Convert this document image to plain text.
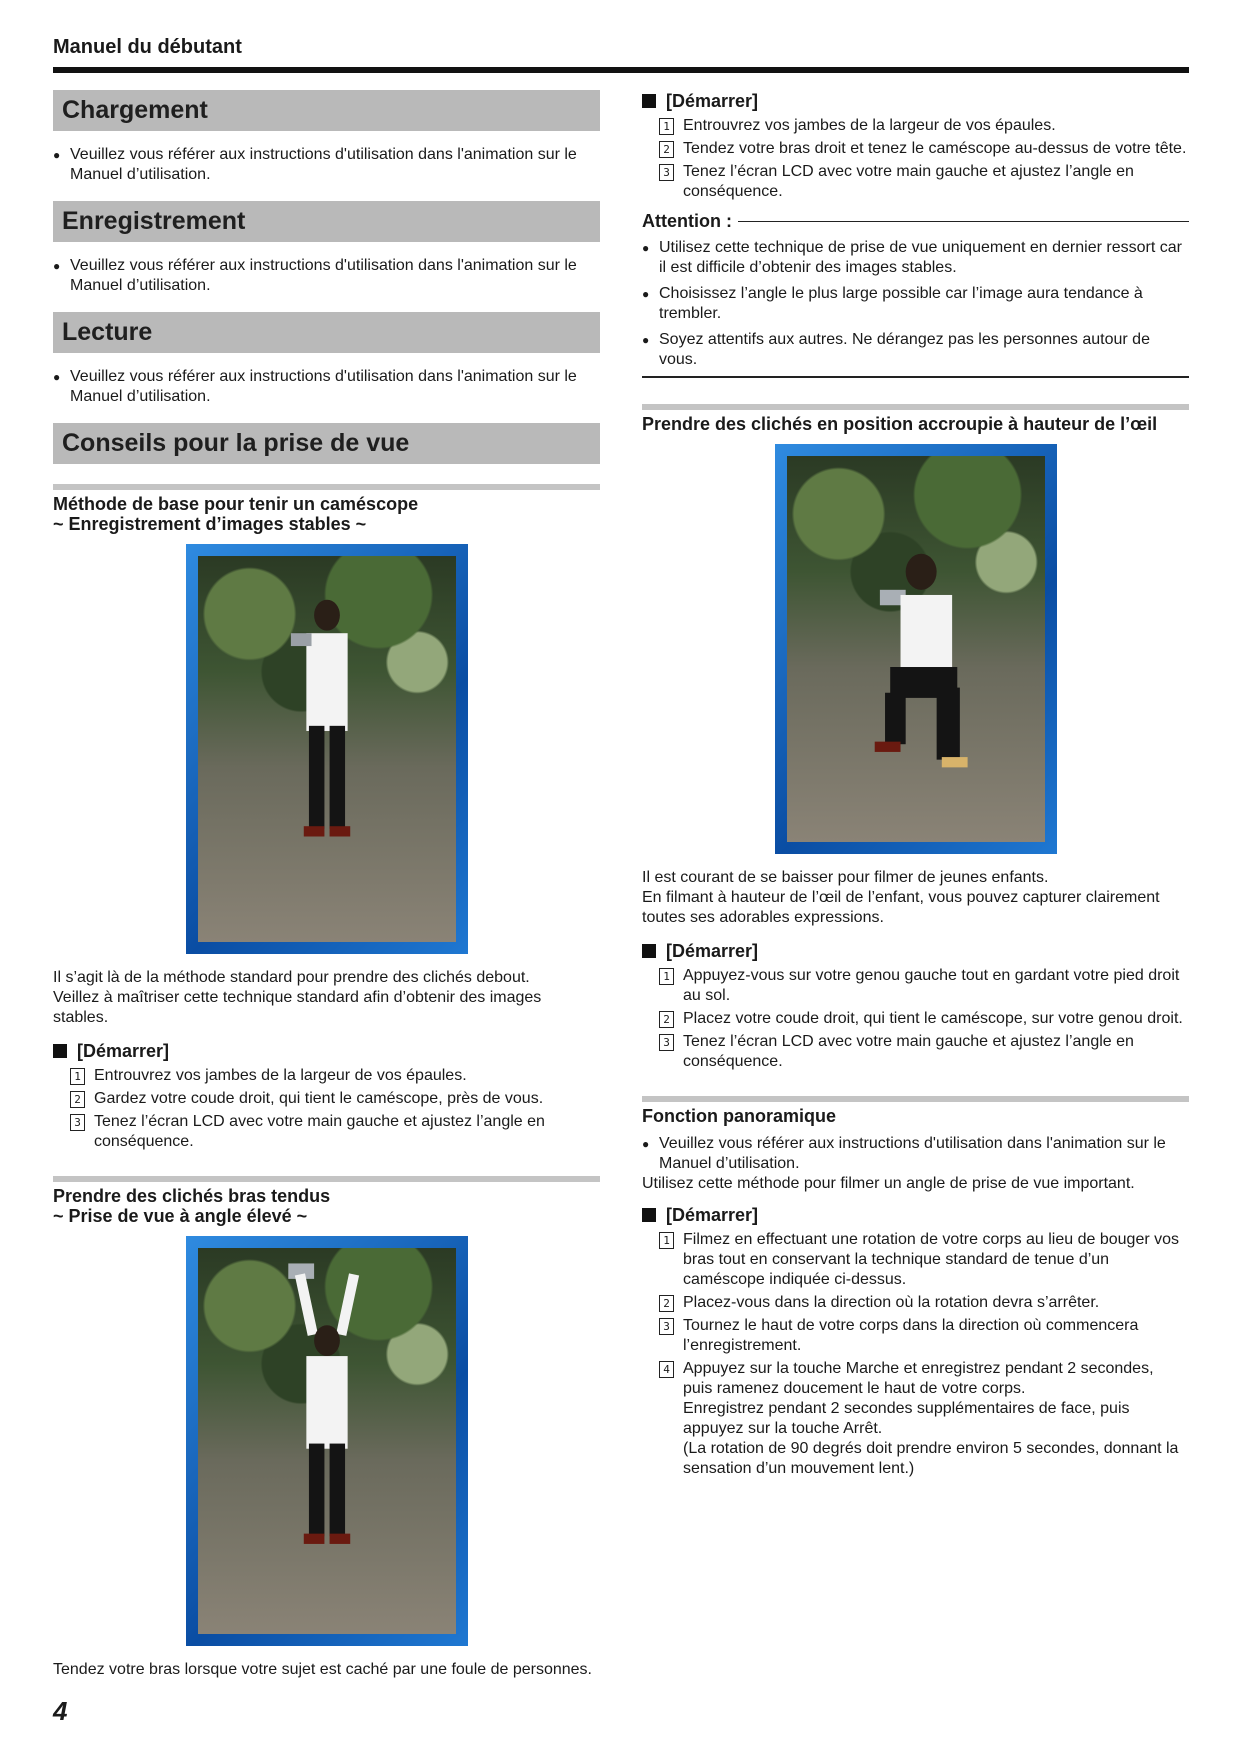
Manuel du débutant
Chargement
● Veuillez vous référer aux instructions d'utilisation dans l'animation sur le
Manuel d’utilisation.
Enregistrement
● Veuillez vous référer aux instructions d'utilisation dans l'animation sur le
Manuel d’utilisation.
Lecture
● Veuillez vous référer aux instructions d'utilisation dans l'animation sur le
Manuel d’utilisation.
Conseils pour la prise de vue
Méthode de base pour tenir un caméscope
~ Enregistrement d’images stables ~

Il s’agit là de la méthode standard pour prendre des clichés debout.

Veillez à maîtriser cette technique standard afin d’obtenir des images

stables.

[Démarrer]
1 Entrouvrez vos jambes de la largeur de vos épaules.
2 Gardez votre coude droit, qui tient le caméscope, près de vous.
3 Tenez l’écran LCD avec votre main gauche et ajustez l’angle en
conséquence.
Prendre des clichés bras tendus
~ Prise de vue à angle élevé ~

Tendez votre bras lorsque votre sujet est caché par une foule de personnes.

[Démarrer]
1 Entrouvrez vos jambes de la largeur de vos épaules.
2 Tendez votre bras droit et tenez le caméscope au-dessus de votre tête.
3 Tenez l’écran LCD avec votre main gauche et ajustez l’angle en
conséquence.
Attention :
● Utilisez cette technique de prise de vue uniquement en dernier ressort car
il est difficile d’obtenir des images stables.
● Choisissez l’angle le plus large possible car l’image aura tendance à
trembler.
● Soyez attentifs aux autres. Ne dérangez pas les personnes autour de
vous.
Prendre des clichés en position accroupie à hauteur de l’œil

Il est courant de se baisser pour filmer de jeunes enfants.

En filmant à hauteur de l’œil de l’enfant, vous pouvez capturer clairement

toutes ses adorables expressions.

[Démarrer]
1 Appuyez-vous sur votre genou gauche tout en gardant votre pied droit
au sol.
2 Placez votre coude droit, qui tient le caméscope, sur votre genou droit.
3 Tenez l’écran LCD avec votre main gauche et ajustez l’angle en
conséquence.
Fonction panoramique
● Veuillez vous référer aux instructions d'utilisation dans l'animation sur le
Manuel d’utilisation.

Utilisez cette méthode pour filmer un angle de prise de vue important.

[Démarrer]
1 Filmez en effectuant une rotation de votre corps au lieu de bouger vos
bras tout en conservant la technique standard de tenue d’un
caméscope indiquée ci-dessus.
2 Placez-vous dans la direction où la rotation devra s’arrêter.
3 Tournez le haut de votre corps dans la direction où commencera
l’enregistrement.
4 Appuyez sur la touche Marche et enregistrez pendant 2 secondes,
puis ramenez doucement le haut de votre corps.
Enregistrez pendant 2 secondes supplémentaires de face, puis
appuyez sur la touche Arrêt.
(La rotation de 90 degrés doit prendre environ 5 secondes, donnant la
sensation d’un mouvement lent.)
4
